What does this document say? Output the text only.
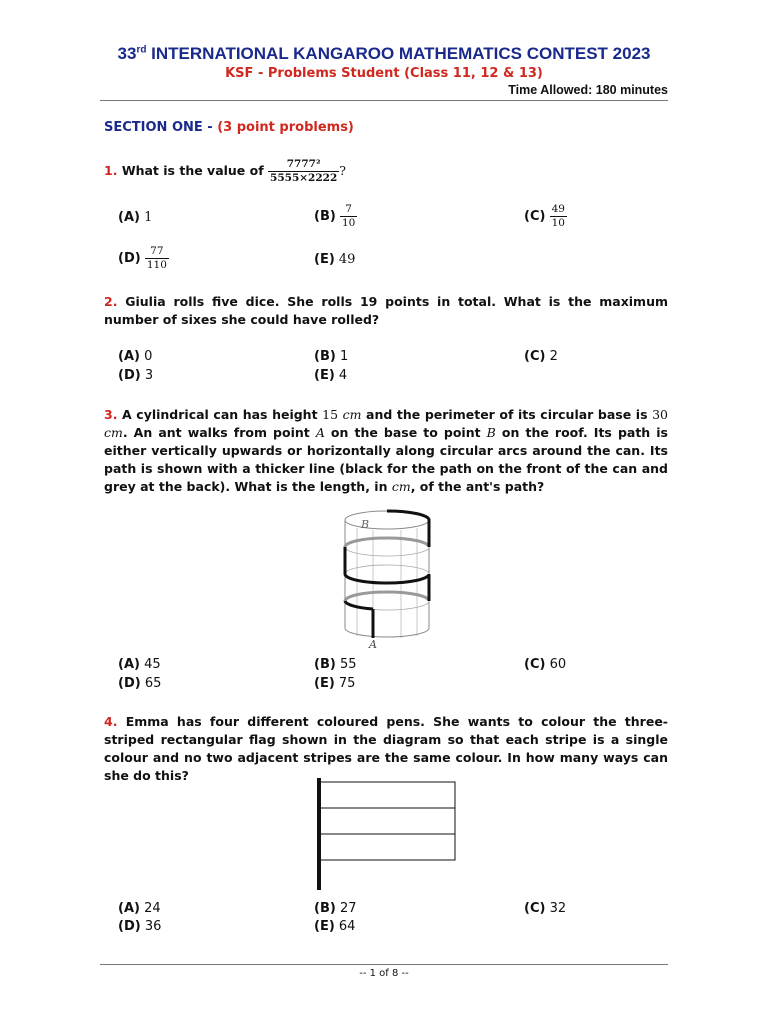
33rd INTERNATIONAL KANGAROO MATHEMATICS CONTEST 2023
KSF - Problems Student (Class 11, 12 & 13)
Time Allowed: 180 minutes
SECTION ONE - (3 point problems)
1. What is the value of $\frac{\text{7777²}}{5555\times 2222}$ ?
(A) 1	$(B) \frac{7}{10}$	$(C) \frac{49}{10}$
$(D) \frac{77}{110}$	(E) 49
2. Giulia rolls five dice. She rolls 19 points in total. What is the maximum number of sixes she could have rolled?
(A) 0	(B) 1	(C) 2
(D) 3	(E) 4
3. A cylindrical can has height 15 cm and the perimeter of its circular base is 30 cm. An ant walks from point A on the base to point B on the roof. Its path is either vertically upwards or horizontally along circular arcs around the can. Its path is shown with a thicker line (black for the path on the front of the can and grey at the back). What is the length, in cm, of the ant's path?
A
B
(A) 45	(B) 55	(C) 60
(D) 65	(E) 75
4. Emma has four different coloured pens. She wants to colour the three-striped rectangular flag shown in the diagram so that each stripe is a single colour and no two adjacent stripes are the same colour. In how many ways can she do this?
(A) 24	(B) 27	(C) 32
(D) 36	(E) 64
-- 1 of 8 --
